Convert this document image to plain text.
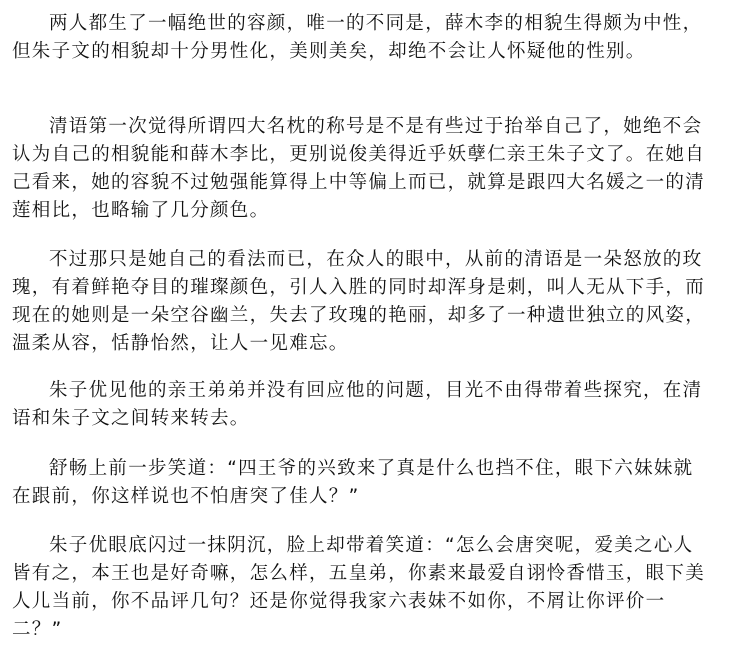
两人都生了一幅绝世的容颜，唯一的不同是，薛木李的相貌生得颇为中性，但朱子文的相貌却十分男性化，美则美矣，却绝不会让人怀疑他的性别。

清语第一次觉得所谓四大名枕的称号是不是有些过于抬举自己了，她绝不会认为自己的相貌能和薛木李比，更别说俊美得近乎妖孽仁亲王朱子文了。在她自己看来，她的容貌不过勉强能算得上中等偏上而已，就算是跟四大名媛之一的清莲相比，也略输了几分颜色。

不过那只是她自己的看法而已，在众人的眼中，从前的清语是一朵怒放的玫瑰，有着鲜艳夺目的璀璨颜色，引人入胜的同时却浑身是刺，叫人无从下手，而现在的她则是一朵空谷幽兰，失去了玫瑰的艳丽，却多了一种遗世独立的风姿，温柔从容，恬静怡然，让人一见难忘。

朱子优见他的亲王弟弟并没有回应他的问题，目光不由得带着些探究，在清语和朱子文之间转来转去。

舒畅上前一步笑道：“四王爷的兴致来了真是什么也挡不住，眼下六妹妹就在跟前，你这样说也不怕唐突了佳人？”

朱子优眼底闪过一抹阴沉，脸上却带着笑道：“怎么会唐突呢，爱美之心人皆有之，本王也是好奇嘛，怎么样，五皇弟，你素来最爱自诩怜香惜玉，眼下美人儿当前，你不品评几句？还是你觉得我家六表妹不如你，不屑让你评价一二？”
